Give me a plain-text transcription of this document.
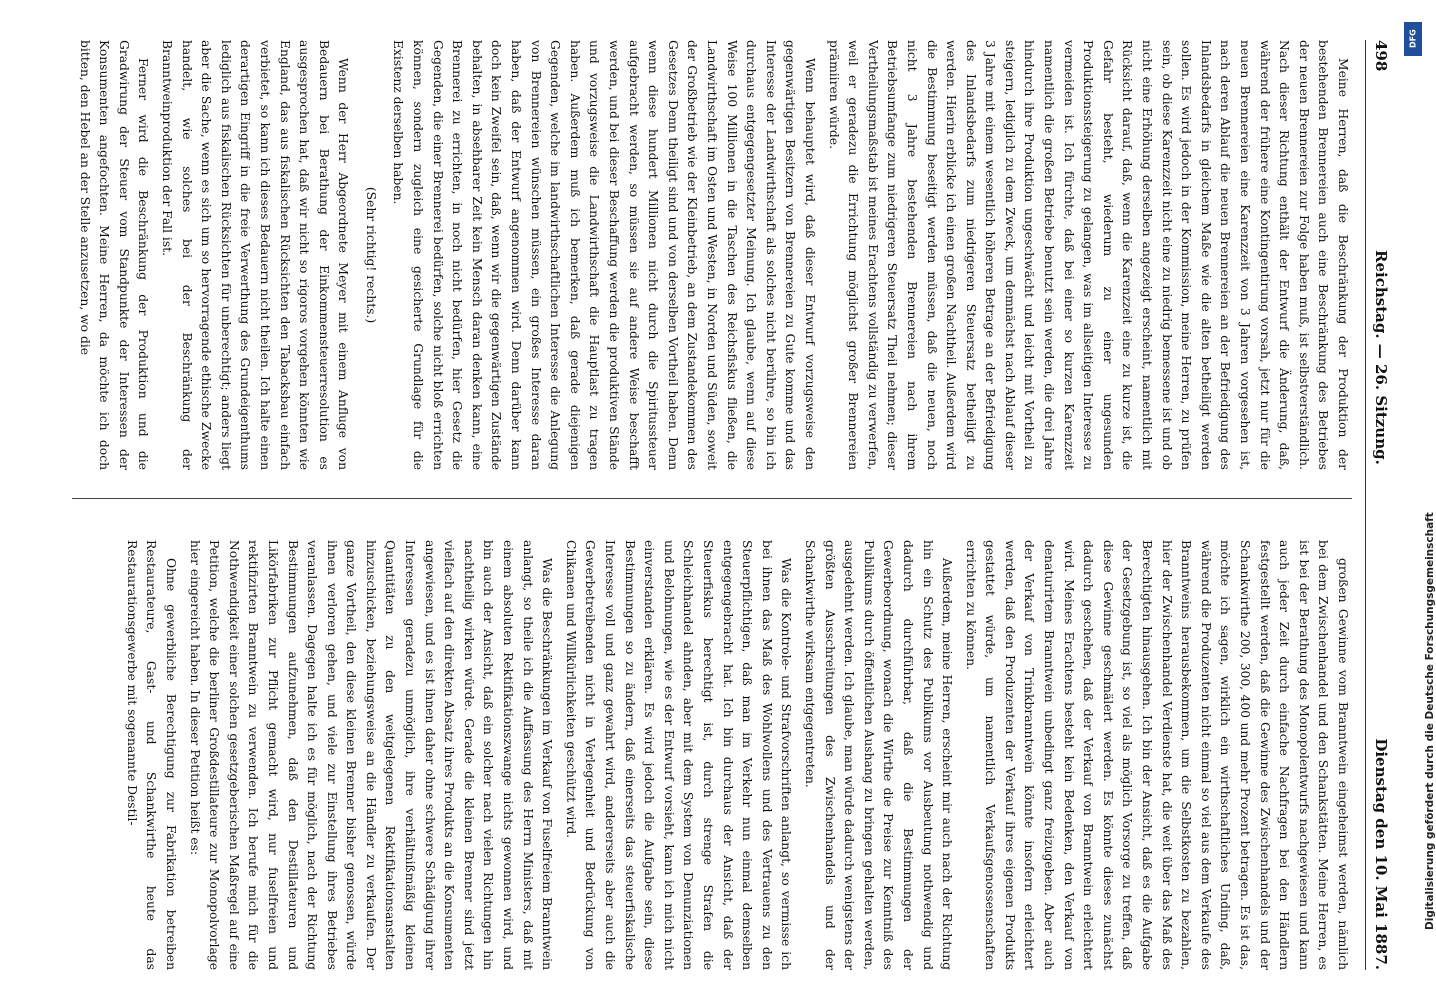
498
Reichstag. — 26. Sitzung.
Dienstag den 10. Mai 1887.

Meine Herren, daß die Beschränkung der Produktion der bestehenden Brennereien auch eine Beschränkung des Betriebes der neuen Brennereien zur Folge haben muß, ist selbstverständlich. Nach dieser Richtung enthält der Entwurf die Änderung, daß, während der frühere eine Kontingentirung vorsah, jetzt nur für die neuen Brennereien eine Karenzzeit von 3 Jahren vorgesehen ist, nach deren Ablauf die neuen Brennereien an der Befriedigung des Inlandsbedarfs in gleichem Maße wie die alten betheiligt werden sollen. Es wird jedoch in der Kommission, meine Herren, zu prüfen sein, ob diese Karenzzeit nicht eine zu niedrig bemessene ist und ob nicht eine Erhöhung derselben angezeigt erscheint, namentlich mit Rücksicht darauf, daß, wenn die Karenzzeit eine zu kurze ist, die Gefahr besteht, wiederum zu einer ungesunden Produktionssteigerung zu gelangen, was im allseitigen Interesse zu vermeiden ist. Ich fürchte, daß bei einer so kurzen Karenzzeit namentlich die großen Betriebe benutzt sein werden, die drei Jahre hindurch ihre Produktion ungeschwächt und leicht mit Vortheil zu steigern, lediglich zu dem Zweck, um demnächst nach Ablauf dieser 3 Jahre mit einem wesentlich höheren Betrage an der Befriedigung des Inlandsbedarfs zum niedrigeren Steuersatz betheiligt zu werden. Hierin erblicke ich einen großen Nachtheil. Außerdem wird die Bestimmung beseitigt werden müssen, daß die neuen, noch nicht 3 Jahre bestehenden Brennereien nach ihrem Betriebsumfange zum niedrigeren Steuersatz Theil nehmen; dieser Vertheilungsmaßstab ist meines Erachtens vollständig zu verwerfen, weil er geradezu die Errichtung möglichst großer Brennereien prämiiren würde.

Wenn behauptet wird, daß dieser Entwurf vorzugsweise den gegenwärtigen Besitzern von Brennereien zu Gute komme und das Interesse der Landwirthschaft als solches nicht berühre, so bin ich durchaus entgegengesetzter Meinung. Ich glaube, wenn auf diese Weise 100 Millionen in die Taschen des Reichsfiskus fließen, die Landwirthschaft im Osten und Westen, in Norden und Süden, soweit der Großbetrieb wie der Kleinbetrieb, an dem Zustandekommen des Gesetzes Denn theiligt sind und von derselben Vortheil haben. Denn wenn diese hundert Millionen nicht durch die Spiritussteuer aufgebracht werden, so müssen sie auf andere Weise beschafft werden, und bei dieser Beschaffung werden die produktiven Stände und vorzugsweise die Landwirthschaft die Hauptlast zu tragen haben. Außerdem muß ich bemerken, daß gerade diejenigen Gegenden, welche im landwirthschaftlichen Interesse die Anlegung von Brennereien wünschen müssen, ein großes Interesse daran haben, daß der Entwurf angenommen wird. Denn darüber kann doch kein Zweifel sein, daß, wenn wir die gegenwärtigen Zustände behalten, in absehbarer Zeit kein Mensch daran denken kann, eine Brennerei zu errichten, in noch nicht bedürfen, hier Gesetz die Gegenden, die einer Brennerei bedürfen, solche nicht bloß errichten können, sondern zugleich eine gesicherte Grundlage für die Existenz derselben haben.

(Sehr richtig! rechts.)

Wenn der Herr Abgeordnete Meyer mit einem Anfluge von Bedauern bei Berathung der Einkommensteuerresolution es ausgesprochen hat, daß wir nicht so rigoros vorgehen könnten wie England, das aus fiskalischen Rücksichten den Tabacksbau einfach verbietet, so kann ich dieses Bedauern nicht theilen. Ich halte einen derartigen Eingriff in die freie Verwerthung des Grundeigenthums lediglich aus fiskalischen Rücksichten für unberechtigt; anders liegt aber die Sache, wenn es sich um so hervorragende ethische Zwecke handelt, wie solches bei der Beschränkung der Branntweinproduktion der Fall ist.

Ferner wird die Beschränkung der Produktion und die Gradwirung der Steuer vom Standpunkte der Interessen der Konsumenten angefochten. Meine Herren, da möchte ich doch bitten, den Hebel an der Stelle anzusetzen, wo die

großen Gewinne vom Branntwein eingeheimst werden, nämlich bei dem Zwischenhandel und den Schankstätten. Meine Herren, es ist bei der Berathung des Monopolentwurfs nachgewiesen und kann auch jeder Zeit durch einfache Nachfragen bei den Händlern festgestellt werden, daß die Gewinne des Zwischenhandels und der Schankwirthe 200, 300, 400 und mehr Prozent betragen. Es ist das, möchte ich sagen, wirklich ein wirthschaftliches Unding, daß, während die Produzenten nicht einmal so viel aus dem Verkaufe des Branntweins herausbekommen, um die Selbstkosten zu bezahlen, hier der Zwischenhandel Verdienste hat, die weit über das Maß des Berechtigten hinausgehen. Ich bin der Ansicht, daß es die Aufgabe der Gesetzgebung ist, so viel als möglich Vorsorge zu treffen, daß diese Gewinne geschmälert werden. Es könnte dieses zunächst dadurch geschehen, daß der Verkauf von Branntwein erleichtert wird. Meines Erachtens besteht kein Bedenken, den Verkauf von denaturirtem Branntwein unbedingt ganz freizugeben. Aber auch der Verkauf von Trinkbranntwein könnte insofern erleichtert werden, daß den Produzenten der Verkauf ihres eigenen Produkts gestattet würde, um namentlich Verkaufsgenossenschaften errichten zu können.

Außerdem, meine Herren, erscheint mir auch nach der Richtung hin ein Schutz des Publikums vor Ausbeutung nothwendig und dadurch durchführbar, daß die Bestimmungen der Gewerbeordnung, wonach die Wirthe die Preise zur Kenntniß des Publikums durch öffentlichen Aushang zu bringen gehalten werden, ausgedehnt werden. Ich glaube, man würde dadurch wenigstens der größten Ausschreitungen des Zwischenhandels und der Schankwirthe wirksam entgegentreten.

Was die Kontrole- und Strafvorschriften anlangt, so vermisse ich bei ihnen das Maß des Wohlwollens und des Vertrauens zu den Steuerpflichtigen, daß man im Verkehr nun einmal demselben entgegengebracht hat. Ich bin durchaus der Ansicht, daß der Steuerfiskus berechtigt ist, durch strenge Strafen die Schleichhandel ahnden, aber mit dem System von Denunziationen und Belohnungen, wie es der Entwurf vorsieht, kann ich mich nicht einverstanden erklären. Es wird jedoch die Aufgabe sein, diese Bestimmungen so zu ändern, daß einerseits das steuerfiskalische Interesse voll und ganz gewahrt wird, andererseits aber auch die Gewerbetreibenden nicht in Verlegenheit und Bedrückung von Chikanen und Willkürlichkeiten geschützt wird.

Was die Beschränkungen im Verkauf von Fuselfreiem Branntwein anlangt, so theile ich die Auffassung des Herrn Ministers, daß mit einem absoluten Rektifikationszwange nichts gewonnen wird, und bin auch der Ansicht, daß ein solcher nach vielen Richtungen hin nachtheilig wirken würde. Gerade die kleinen Brenner sind jetzt vielfach auf den direkten Absatz ihres Produkts an die Konsumenten angewiesen, und es ist ihnen daher ohne schwere Schädigung ihrer Interessen geradezu unmöglich, ihre verhältnißmäßig kleinen Quantitäten zu den weitgelegenen Rektifikationsanstalten hinzuschicken, beziehungsweise an die Händler zu verkaufen. Der ganze Vortheil, den diese kleinen Brenner bisher genossen, würde ihnen verloren gehen, und viele zur Einstellung ihres Betriebes veranlassen. Dagegen halte ich es für möglich, nach der Richtung Bestimmungen aufzunehmen, daß den Destillateuren und Likörfabriken zur Pflicht gemacht wird, nur fuselfreien und rektifizirten Branntwein zu verwenden. Ich berufe mich für die Nothwendigkeit einer solchen gesetzgeberischen Maßregel auf eine Petition, welche die berliner Großdestillateure zur Monopolvorlage hier eingereicht haben. In dieser Petition heißt es:

Ohne gewerbliche Berechtigung zur Fabrikation betreiben Restaurateure, Gast- und Schankwirthe heute das Restaurationsgewerbe mit sogenannte Destil-

DFG
Digitalisierung gefördert durch die Deutsche Forschungsgemeinschaft
